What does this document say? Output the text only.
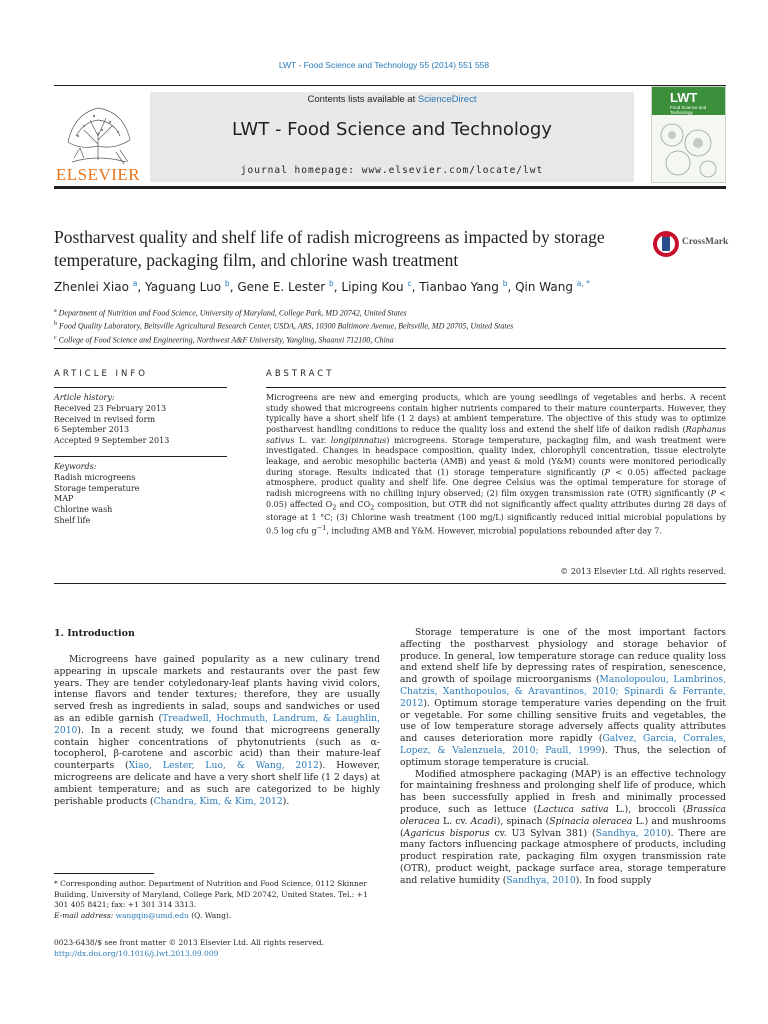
LWT - Food Science and Technology 55 (2014) 551 558
ELSEVIER
Contents lists available at ScienceDirect
LWT - Food Science and Technology
journal homepage: www.elsevier.com/locate/lwt
LWT
Food Science and Technology
Postharvest quality and shelf life of radish microgreens as impacted by storage temperature, packaging film, and chlorine wash treatment
CrossMark
Zhenlei Xiao $^a$, Yaguang Luo $^b$, Gene E. Lester $^b$, Liping Kou $^c$, Tianbao Yang $^b$, Qin Wang $^{a, *}$
$^a$ Department of Nutrition and Food Science, University of Maryland, College Park, MD 20742, United States
$^b$ Food Quality Laboratory, Beltsville Agricultural Research Center, USDA, ARS, 10300 Baltimore Avenue, Beltsville, MD 20705, United States
$^c$ College of Food Science and Engineering, Northwest A&F University, Yangling, Shaanxi 712100, China
ARTICLE INFO
Article history:
Received 23 February 2013
Received in revised form
6 September 2013
Accepted 9 September 2013
Keywords:
Radish microgreens
Storage temperature
MAP
Chlorine wash
Shelf life
ABSTRACT
Microgreens are new and emerging products, which are young seedlings of vegetables and herbs. A recent study showed that microgreens contain higher nutrients compared to their mature counterparts. However, they typically have a short shelf life (1 2 days) at ambient temperature. The objective of this study was to optimize postharvest handling conditions to reduce the quality loss and extend the shelf life of daikon radish (Raphanus sativus L. var. longipinnatus) microgreens. Storage temperature, packaging film, and wash treatment were investigated. Changes in headspace composition, quality index, chlorophyll concentration, tissue electrolyte leakage, and aerobic mesophilic bacteria (AMB) and yeast & mold (Y&M) counts were monitored periodically during storage. Results indicated that (1) storage temperature significantly (P < 0.05) affected package atmosphere, product quality and shelf life. One degree Celsius was the optimal temperature for storage of radish microgreens with no chilling injury observed; (2) film oxygen transmission rate (OTR) significantly (P < 0.05) affected $O_2$ and $CO_2$ composition, but OTR did not significantly affect quality attributes during 28 days of storage at 1 °C; (3) Chlorine wash treatment (100 mg/L) significantly reduced initial microbial populations by 0.5 log cfu $g^{-1}$, including AMB and Y&M. However, microbial populations rebounded after day 7.
© 2013 Elsevier Ltd. All rights reserved.
1. Introduction

Microgreens have gained popularity as a new culinary trend appearing in upscale markets and restaurants over the past few years. They are tender cotyledonary-leaf plants having vivid colors, intense flavors and tender textures; therefore, they are usually served fresh as ingredients in salad, soups and sandwiches or used as an edible garnish (Treadwell, Hochmuth, Landrum, & Laughlin, 2010). In a recent study, we found that microgreens generally contain higher concentrations of phytonutrients (such as α-tocopherol, β-carotene and ascorbic acid) than their mature-leaf counterparts (Xiao, Lester, Luo, & Wang, 2012). However, microgreens are delicate and have a very short shelf life (1 2 days) at ambient temperature; and as such are categorized to be highly perishable products (Chandra, Kim, & Kim, 2012).

Storage temperature is one of the most important factors affecting the postharvest physiology and storage behavior of produce. In general, low temperature storage can reduce quality loss and extend shelf life by depressing rates of respiration, senescence, and growth of spoilage microorganisms (Manolopoulou, Lambrinos, Chatzis, Xanthopoulos, & Aravantinos, 2010; Spinardi & Ferrante, 2012). Optimum storage temperature varies depending on the fruit or vegetable. For some chilling sensitive fruits and vegetables, the use of low temperature storage adversely affects quality attributes and causes deterioration more rapidly (Galvez, Garcia, Corrales, Lopez, & Valenzuela, 2010; Paull, 1999). Thus, the selection of optimum storage temperature is crucial.

Modified atmosphere packaging (MAP) is an effective technology for maintaining freshness and prolonging shelf life of produce, which has been successfully applied in fresh and minimally processed produce, such as lettuce (Lactuca sativa L.), broccoli (Brassica oleracea L. cv. Acadi), spinach (Spinacia oleracea L.) and mushrooms (Agaricus bisporus cv. U3 Sylvan 381) (Sandhya, 2010). There are many factors influencing package atmosphere of products, including product respiration rate, packaging film oxygen transmission rate (OTR), product weight, package surface area, storage temperature and relative humidity (Sandhya, 2010). In food supply

* Corresponding author. Department of Nutrition and Food Science, 0112 Skinner Building, University of Maryland, College Park, MD 20742, United States. Tel.: +1 301 405 8421; fax: +1 301 314 3313.
E-mail address: wangqin@umd.edu (Q. Wang).
0023-6438/$ see front matter © 2013 Elsevier Ltd. All rights reserved.
http://dx.doi.org/10.1016/j.lwt.2013.09.009
